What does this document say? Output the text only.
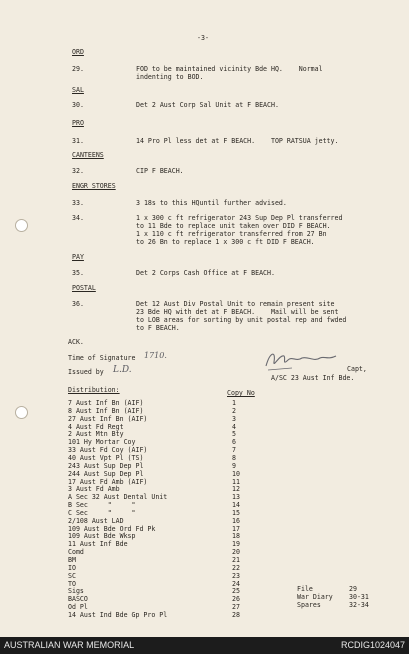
-3-
ORD
29.	FOD to be maintained vicinity Bde HQ.    Normal
indenting to BOD.
SAL
30.	Det 2 Aust Corp Sal Unit at F BEACH.
PRO
31.	14 Pro Pl less det at F BEACH.    TOP RATSUA jetty.
CANTEENS
32.	CIP F BEACH.
ENGR STORES
33.	3 18s to this HQuntil further advised.
34.	1 x 300 c ft refrigerator 243 Sup Dep Pl transferred
to 11 Bde to replace unit taken over DID F BEACH.
1 x 110 c ft refrigerator transferred from 27 Bn
to 26 Bn to replace 1 x 300 c ft DID F BEACH.
PAY
35.	Det 2 Corps Cash Office at F BEACH.
POSTAL
36.	Det 12 Aust Div Postal Unit to remain present site
23 Bde HQ with det at F BEACH.    Mail will be sent
to LOB areas for sorting by unit postal rep and fwded
to F BEACH.
ACK.
Time of Signature 1710.
Issued by L.D.	Capt,
A/SC 23 Aust Inf Bde.
Distribution:	Copy No
7 Aust Inf Bn (AIF)	1
8 Aust Inf Bn (AIF)	2
27 Aust Inf Bn (AIF)	3
4 Aust Fd Regt	4
2 Aust Mtn Bty	5
101 Hy Mortar Coy	6
33 Aust Fd Coy (AIF)	7
40 Aust Vpt Pl (TS)	8
243 Aust Sup Dep Pl	9
244 Aust Sup Dep Pl	10
17 Aust Fd Amb (AIF)	11
3 Aust Fd Amb	12
A Sec 32 Aust Dental Unit	13
B Sec     "     "	14
C Sec     "     "	15
2/108 Aust LAD	16
109 Aust Bde Ord Fd Pk	17
109 Aust Bde Wksp	18
11 Aust Inf Bde	19
Comd	20
BM	21
IO	22
SC	23
TO	24
Sigs	25
BASCO	26
Od Pl	27
14 Aust Ind Bde Gp Pro Pl	28
File	29
War Diary 30-31
Spares	32-34
AUSTRALIAN WAR MEMORIAL	RCDIG1024047
